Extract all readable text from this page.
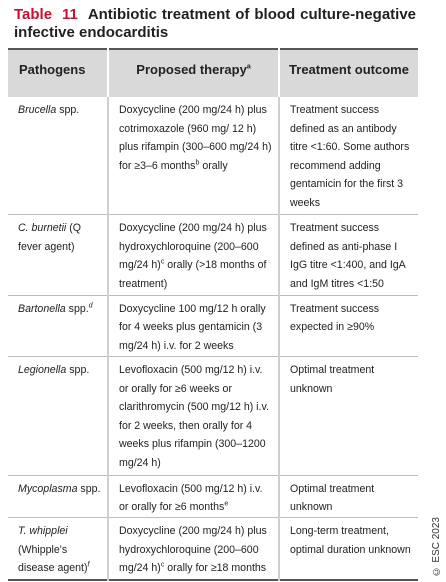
Table 11 Antibiotic treatment of blood culture-negative infective endocarditis
Pathogens	Proposed therapy$^a$	Treatment outcome
Brucella spp.	Doxycycline (200 mg/24 h) plus cotrimoxazole (960 mg/ 12 h) plus rifampin (300–600 mg/24 h) for ≥3–6 months$^b$ orally	Treatment success defined as an antibody titre <1:60. Some authors recommend adding gentamicin for the first 3 weeks
C. burnetii (Q fever agent)	Doxycycline (200 mg/24 h) plus hydroxychloroquine (200–600 mg/24 h)$^c$ orally (>18 months of treatment)	Treatment success defined as anti-phase I IgG titre <1:400, and IgA and IgM titres <1:50
Bartonella spp.$^d$	Doxycycline 100 mg/12 h orally for 4 weeks plus gentamicin (3 mg/24 h) i.v. for 2 weeks	Treatment success expected in ≥90%
Legionella spp.	Levofloxacin (500 mg/12 h) i.v. or orally for ≥6 weeks or clarithromycin (500 mg/12 h) i.v. for 2 weeks, then orally for 4 weeks plus rifampin (300–1200 mg/24 h)	Optimal treatment unknown
Mycoplasma spp.	Levofloxacin (500 mg/12 h) i.v. or orally for ≥6 months$^e$	Optimal treatment unknown
T. whipplei (Whipple's disease agent)$^f$	Doxycycline (200 mg/24 h) plus hydroxychloroquine (200–600 mg/24 h)$^c$ orally for ≥18 months	Long-term treatment, optimal duration unknown © ESC 2023
